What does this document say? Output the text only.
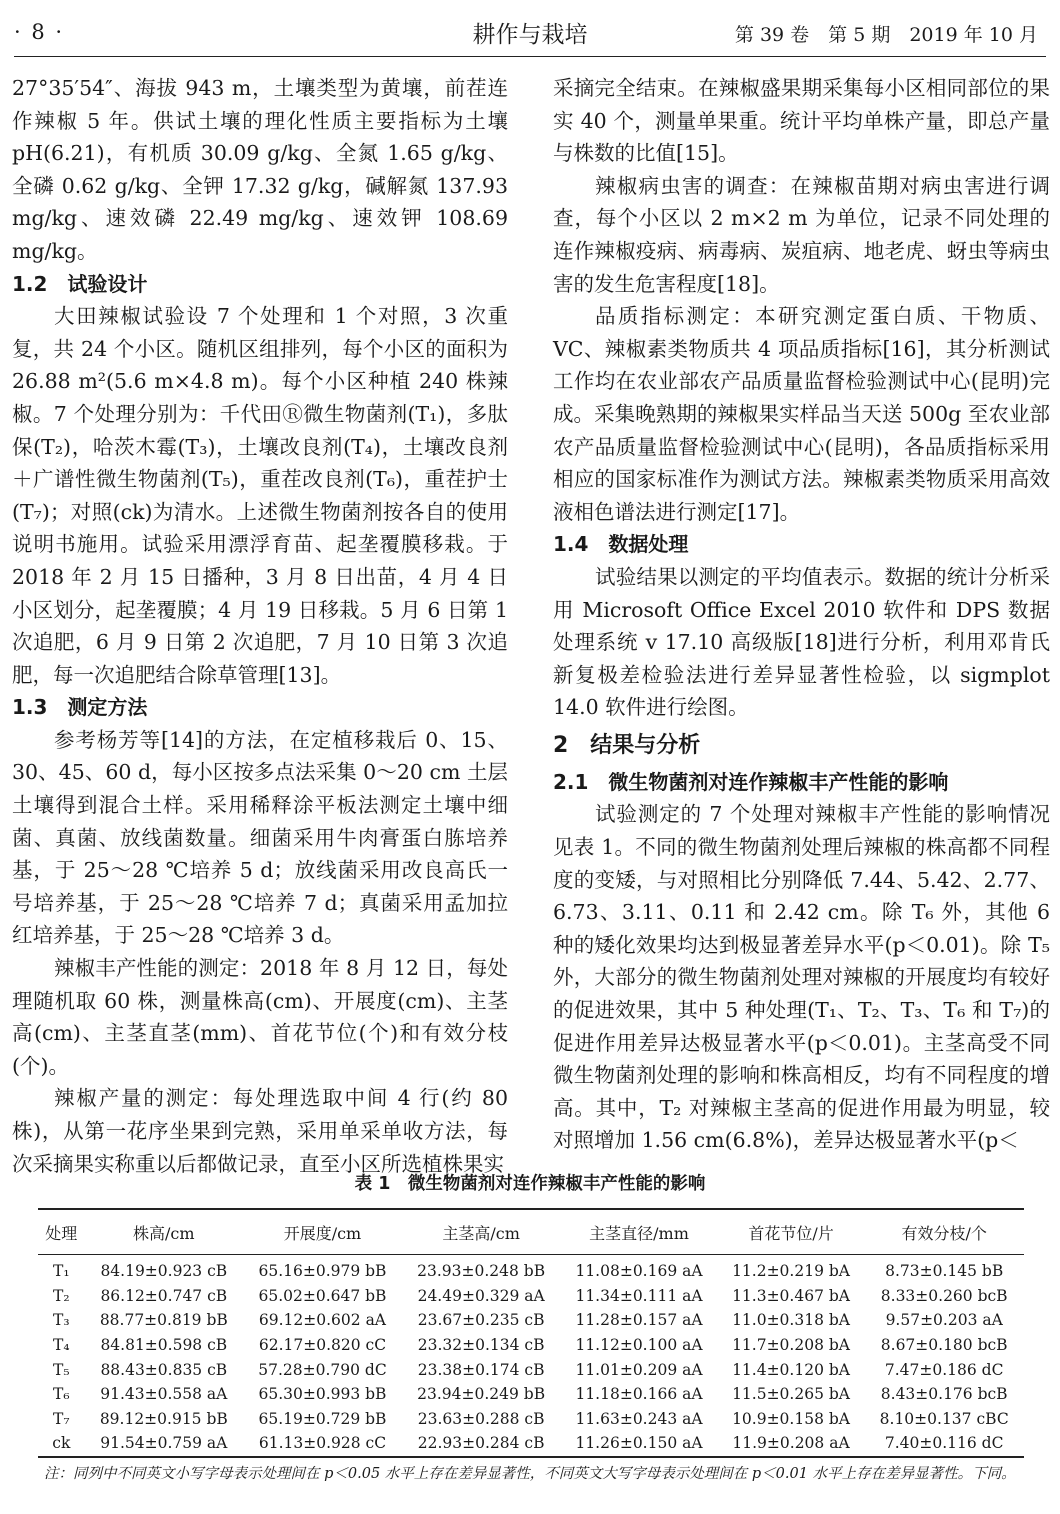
· 8 ·	耕作与栽培	第 39 卷　第 5 期　2019 年 10 月

27°35′54″、海拔 943 m，土壤类型为黄壤，前茬连作辣椒 5 年。供试土壤的理化性质主要指标为土壤 pH(6.21)，有机质 30.09 g/kg、全氮 1.65 g/kg、全磷 0.62 g/kg、全钾 17.32 g/kg，碱解氮 137.93 mg/kg、速效磷 22.49 mg/kg、速效钾 108.69 mg/kg。

1.2　试验设计

大田辣椒试验设 7 个处理和 1 个对照，3 次重复，共 24 个小区。随机区组排列，每个小区的面积为 26.88 m²(5.6 m×4.8 m)。每个小区种植 240 株辣椒。7 个处理分别为：千代田Ⓡ微生物菌剂(T₁)，多肽保(T₂)，哈茨木霉(T₃)，土壤改良剂(T₄)，土壤改良剂＋广谱性微生物菌剂(T₅)，重茬改良剂(T₆)，重茬护士(T₇)；对照(ck)为清水。上述微生物菌剂按各自的使用说明书施用。试验采用漂浮育苗、起垄覆膜移栽。于 2018 年 2 月 15 日播种，3 月 8 日出苗，4 月 4 日小区划分，起垄覆膜；4 月 19 日移栽。5 月 6 日第 1 次追肥，6 月 9 日第 2 次追肥，7 月 10 日第 3 次追肥，每一次追肥结合除草管理[13]。

1.3　测定方法

参考杨芳等[14]的方法，在定植移栽后 0、15、30、45、60 d，每小区按多点法采集 0～20 cm 土层土壤得到混合土样。采用稀释涂平板法测定土壤中细菌、真菌、放线菌数量。细菌采用牛肉膏蛋白胨培养基，于 25～28 ℃培养 5 d；放线菌采用改良高氏一号培养基，于 25～28 ℃培养 7 d；真菌采用孟加拉红培养基，于 25～28 ℃培养 3 d。

辣椒丰产性能的测定：2018 年 8 月 12 日，每处理随机取 60 株，测量株高(cm)、开展度(cm)、主茎高(cm)、主茎直茎(mm)、首花节位(个)和有效分枝(个)。

辣椒产量的测定：每处理选取中间 4 行(约 80 株)，从第一花序坐果到完熟，采用单采单收方法，每次采摘果实称重以后都做记录，直至小区所选植株果实

采摘完全结束。在辣椒盛果期采集每小区相同部位的果实 40 个，测量单果重。统计平均单株产量，即总产量与株数的比值[15]。

辣椒病虫害的调查：在辣椒苗期对病虫害进行调查，每个小区以 2 m×2 m 为单位，记录不同处理的连作辣椒疫病、病毒病、炭疽病、地老虎、蚜虫等病虫害的发生危害程度[18]。

品质指标测定：本研究测定蛋白质、干物质、VC、辣椒素类物质共 4 项品质指标[16]，其分析测试工作均在农业部农产品质量监督检验测试中心(昆明)完成。采集晚熟期的辣椒果实样品当天送 500g 至农业部农产品质量监督检验测试中心(昆明)，各品质指标采用相应的国家标准作为测试方法。辣椒素类物质采用高效液相色谱法进行测定[17]。

1.4　数据处理

试验结果以测定的平均值表示。数据的统计分析采用 Microsoft Office Excel 2010 软件和 DPS 数据处理系统 v 17.10 高级版[18]进行分析，利用邓肯氏新复极差检验法进行差异显著性检验，以 sigmplot 14.0 软件进行绘图。

2　结果与分析
2.1　微生物菌剂对连作辣椒丰产性能的影响

试验测定的 7 个处理对辣椒丰产性能的影响情况见表 1。不同的微生物菌剂处理后辣椒的株高都不同程度的变矮，与对照相比分别降低 7.44、5.42、2.77、6.73、3.11、0.11 和 2.42 cm。除 T₆ 外，其他 6 种的矮化效果均达到极显著差异水平(p＜0.01)。除 T₅ 外，大部分的微生物菌剂处理对辣椒的开展度均有较好的促进效果，其中 5 种处理(T₁、T₂、T₃、T₆ 和 T₇)的促进作用差异达极显著水平(p＜0.01)。主茎高受不同微生物菌剂处理的影响和株高相反，均有不同程度的增高。其中，T₂ 对辣椒主茎高的促进作用最为明显，较对照增加 1.56 cm(6.8%)，差异达极显著水平(p＜

表 1　微生物菌剂对连作辣椒丰产性能的影响
处理	株高/cm	开展度/cm	主茎高/cm	主茎直径/mm	首花节位/片	有效分枝/个
T₁	84.19±0.923 cB	65.16±0.979 bB	23.93±0.248 bB	11.08±0.169 aA	11.2±0.219 bA	8.73±0.145 bB
T₂	86.12±0.747 cB	65.02±0.647 bB	24.49±0.329 aA	11.34±0.111 aA	11.3±0.467 bA	8.33±0.260 bcB
T₃	88.77±0.819 bB	69.12±0.602 aA	23.67±0.235 cB	11.28±0.157 aA	11.0±0.318 bA	9.57±0.203 aA
T₄	84.81±0.598 cB	62.17±0.820 cC	23.32±0.134 cB	11.12±0.100 aA	11.7±0.208 bA	8.67±0.180 bcB
T₅	88.43±0.835 cB	57.28±0.790 dC	23.38±0.174 cB	11.01±0.209 aA	11.4±0.120 bA	7.47±0.186 dC
T₆	91.43±0.558 aA	65.30±0.993 bB	23.94±0.249 bB	11.18±0.166 aA	11.5±0.265 bA	8.43±0.176 bcB
T₇	89.12±0.915 bB	65.19±0.729 bB	23.63±0.288 cB	11.63±0.243 aA	10.9±0.158 bA	8.10±0.137 cBC
ck	91.54±0.759 aA	61.13±0.928 cC	22.93±0.284 cB	11.26±0.150 aA	11.9±0.208 aA	7.40±0.116 dC
注：同列中不同英文小写字母表示处理间在 p＜0.05 水平上存在差异显著性，不同英文大写字母表示处理间在 p＜0.01 水平上存在差异显著性。下同。
